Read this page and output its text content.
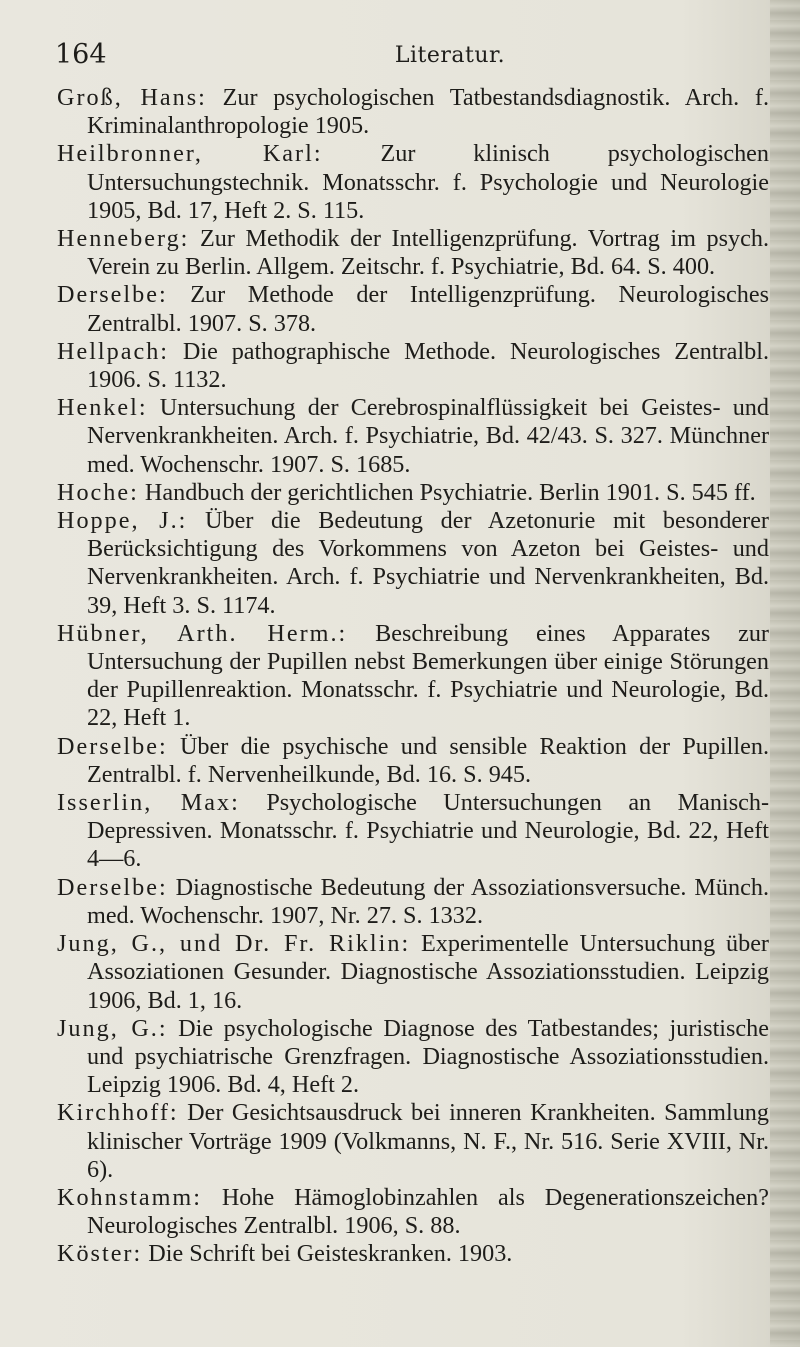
164	Literatur.

Groß, Hans: Zur psychologischen Tatbestandsdiagnostik. Arch. f. Kriminalanthropologie 1905.

Heilbronner, Karl: Zur klinisch psychologischen Untersuchungstechnik. Monatsschr. f. Psychologie und Neurologie 1905, Bd. 17, Heft 2. S. 115.

Henneberg: Zur Methodik der Intelligenzprüfung. Vortrag im psych. Verein zu Berlin. Allgem. Zeitschr. f. Psychiatrie, Bd. 64. S. 400.

Derselbe: Zur Methode der Intelligenzprüfung. Neurologisches Zentralbl. 1907. S. 378.

Hellpach: Die pathographische Methode. Neurologisches Zentralbl. 1906. S. 1132.

Henkel: Untersuchung der Cerebrospinalflüssigkeit bei Geistes- und Nervenkrankheiten. Arch. f. Psychiatrie, Bd. 42/43. S. 327. Münchner med. Wochenschr. 1907. S. 1685.

Hoche: Handbuch der gerichtlichen Psychiatrie. Berlin 1901. S. 545 ff.

Hoppe, J.: Über die Bedeutung der Azetonurie mit besonderer Berücksichtigung des Vorkommens von Azeton bei Geistes- und Nervenkrankheiten. Arch. f. Psychiatrie und Nervenkrankheiten, Bd. 39, Heft 3. S. 1174.

Hübner, Arth. Herm.: Beschreibung eines Apparates zur Untersuchung der Pupillen nebst Bemerkungen über einige Störungen der Pupillenreaktion. Monatsschr. f. Psychiatrie und Neurologie, Bd. 22, Heft 1.

Derselbe: Über die psychische und sensible Reaktion der Pupillen. Zentralbl. f. Nervenheilkunde, Bd. 16. S. 945.

Isserlin, Max: Psychologische Untersuchungen an Manisch-Depressiven. Monatsschr. f. Psychiatrie und Neurologie, Bd. 22, Heft 4—6.

Derselbe: Diagnostische Bedeutung der Assoziationsversuche. Münch. med. Wochenschr. 1907, Nr. 27. S. 1332.

Jung, G., und Dr. Fr. Riklin: Experimentelle Untersuchung über Assoziationen Gesunder. Diagnostische Assoziationsstudien. Leipzig 1906, Bd. 1, 16.

Jung, G.: Die psychologische Diagnose des Tatbestandes; juristische und psychiatrische Grenzfragen. Diagnostische Assoziationsstudien. Leipzig 1906. Bd. 4, Heft 2.

Kirchhoff: Der Gesichtsausdruck bei inneren Krankheiten. Sammlung klinischer Vorträge 1909 (Volkmanns, N. F., Nr. 516. Serie XVIII, Nr. 6).

Kohnstamm: Hohe Hämoglobinzahlen als Degenerationszeichen? Neurologisches Zentralbl. 1906, S. 88.

Köster: Die Schrift bei Geisteskranken. 1903.
